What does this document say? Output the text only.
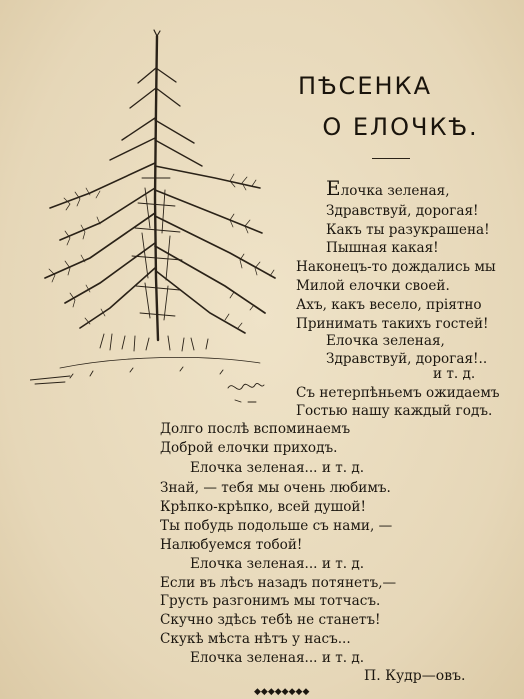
ПѢСЕНКА
О ЕЛОЧКѢ.
Елочка зеленая,
Здравствуй, дорогая!
Какъ ты разукрашена!
Пышная какая!
Наконецъ-то дождались мы
Милой елочки своей.
Ахъ, какъ весело, пріятно
Принимать такихъ гостей!
Елочка зеленая,
Здравствуй, дорогая!..
и т. д.
Съ нетерпѣньемъ ожидаемъ
Гостью нашу каждый годъ.
Долго послѣ вспоминаемъ
Доброй елочки приходъ.
Елочка зеленая... и т. д.
Знай, — тебя мы очень любимъ.
Крѣпко-крѣпко, всей душой!
Ты побудь подольше съ нами, —
Налюбуемся тобой!
Елочка зеленая... и т. д.
Если въ лѣсъ назадъ потянетъ,—
Грусть разгонимъ мы тотчасъ.
Скучно здѣсь тебѣ не станетъ!
Скукѣ мѣста нѣтъ у насъ...
Елочка зеленая... и т. д.
П. Кудр—овъ.
◆◆◆◆◆◆◆◆
